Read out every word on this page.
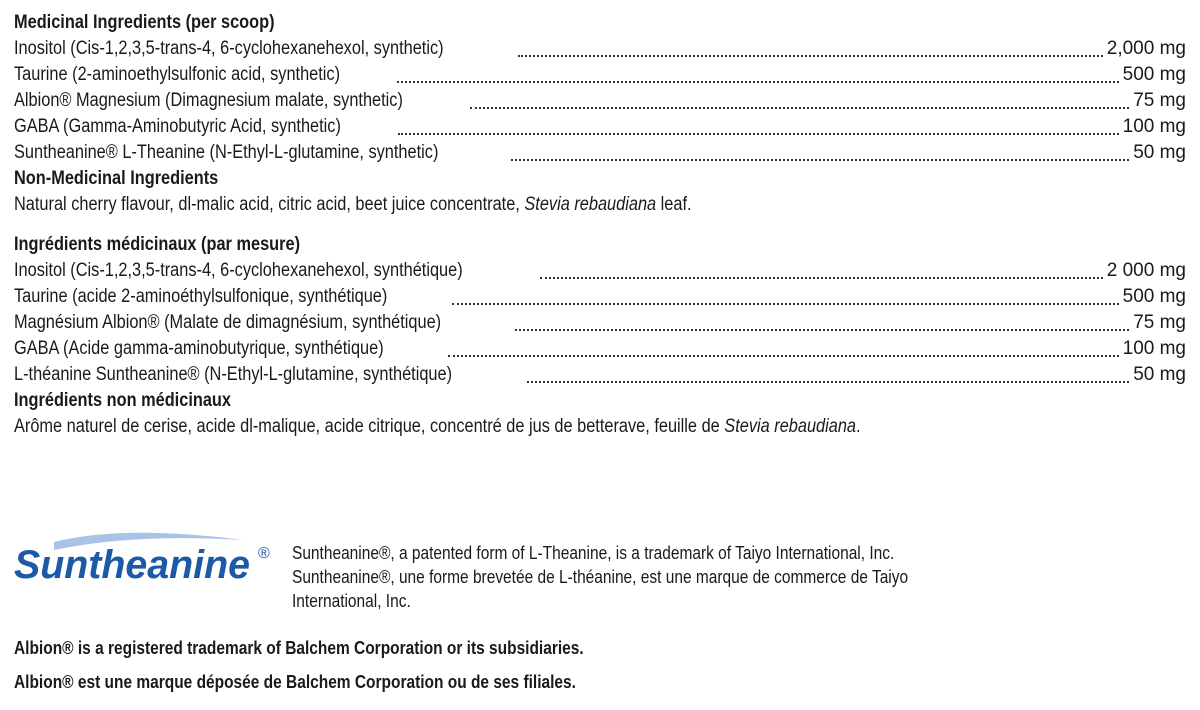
Medicinal Ingredients (per scoop)
Inositol (Cis-1,2,3,5-trans-4, 6-cyclohexanehexol, synthetic)	2,000 mg
Taurine (2-aminoethylsulfonic acid, synthetic)	500 mg
Albion® Magnesium (Dimagnesium malate, synthetic)	75 mg
GABA (Gamma-Aminobutyric Acid, synthetic)	100 mg
Suntheanine® L-Theanine (N-Ethyl-L-glutamine, synthetic)	50 mg
Non-Medicinal Ingredients
Natural cherry flavour, dl-malic acid, citric acid, beet juice concentrate, Stevia rebaudiana leaf.
Ingrédients médicinaux (par mesure)
Inositol (Cis-1,2,3,5-trans-4, 6-cyclohexanehexol, synthétique)	2 000 mg
Taurine (acide 2-aminoéthylsulfonique, synthétique)	500 mg
Magnésium Albion® (Malate de dimagnésium, synthétique)	75 mg
GABA (Acide gamma-aminobutyrique, synthétique)	100 mg
L-théanine Suntheanine® (N-Ethyl-L-glutamine, synthétique)	50 mg
Ingrédients non médicinaux
Arôme naturel de cerise, acide dl-malique, acide citrique, concentré de jus de betterave, feuille de Stevia rebaudiana.
Suntheanine ® Suntheanine®, a patented form of L-Theanine, is a trademark of Taiyo International, Inc.
Suntheanine®, une forme brevetée de L-théanine, est une marque de commerce de Taiyo
International, Inc.
Albion® is a registered trademark of Balchem Corporation or its subsidiaries.
Albion® est une marque déposée de Balchem Corporation ou de ses filiales.
